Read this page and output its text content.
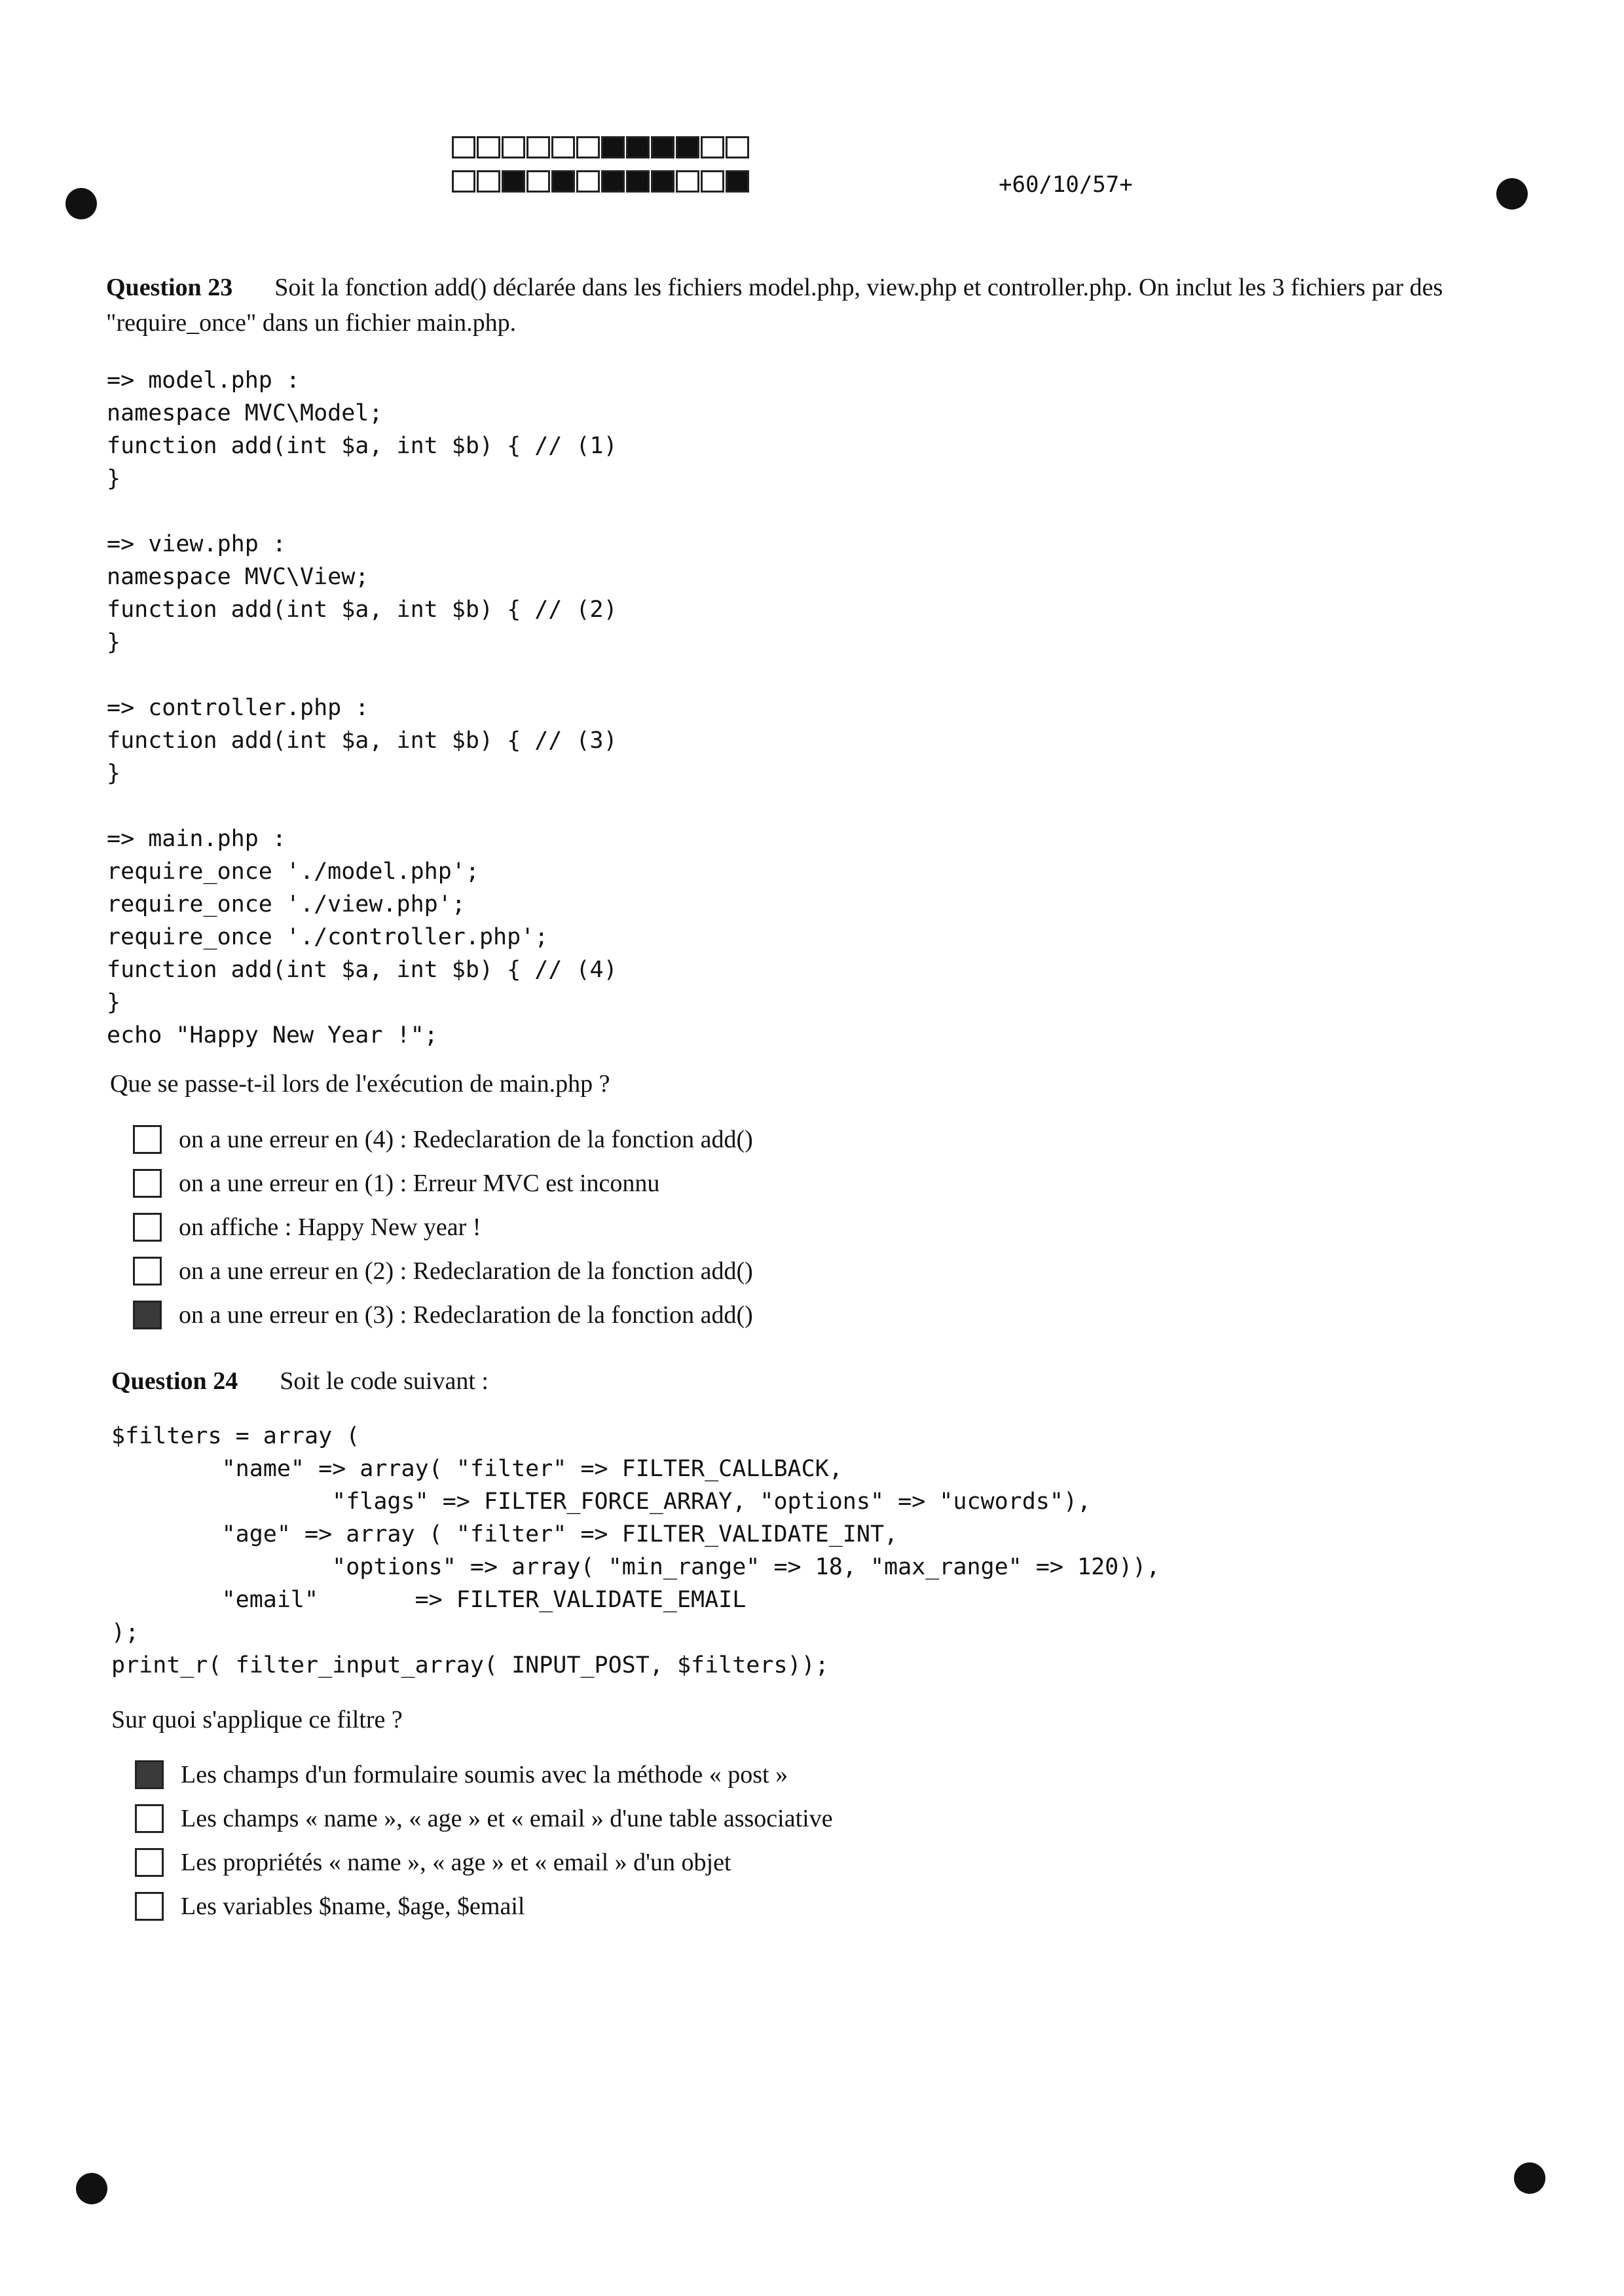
+60/10/57+
Question 23 Soit la fonction add() déclarée dans les fichiers model.php, view.php et controller.php. On inclut les 3 fichiers par des "require_once" dans un fichier main.php.
=> model.php :
namespace MVC\Model;
function add(int $a, int $b) { // (1)
}

=> view.php :
namespace MVC\View;
function add(int $a, int $b) { // (2)
}

=> controller.php :
function add(int $a, int $b) { // (3)
}

=> main.php :
require_once './model.php';
require_once './view.php';
require_once './controller.php';
function add(int $a, int $b) { // (4)
}
echo "Happy New Year !";
Que se passe-t-il lors de l'exécution de main.php ?
on a une erreur en (4) : Redeclaration de la fonction add()
on a une erreur en (1) : Erreur MVC est inconnu
on affiche : Happy New year !
on a une erreur en (2) : Redeclaration de la fonction add()
on a une erreur en (3) : Redeclaration de la fonction add()
Question 24 Soit le code suivant :
$filters = array (
"name" => array( "filter" => FILTER_CALLBACK,
"flags" => FILTER_FORCE_ARRAY, "options" => "ucwords"),
"age" => array ( "filter" => FILTER_VALIDATE_INT,
"options" => array( "min_range" => 18, "max_range" => 120)),
"email"       => FILTER_VALIDATE_EMAIL
);
print_r( filter_input_array( INPUT_POST, $filters));
Sur quoi s'applique ce filtre ?
Les champs d'un formulaire soumis avec la méthode « post »
Les champs « name », « age » et « email » d'une table associative
Les propriétés « name », « age » et « email » d'un objet
Les variables $name, $age, $email
